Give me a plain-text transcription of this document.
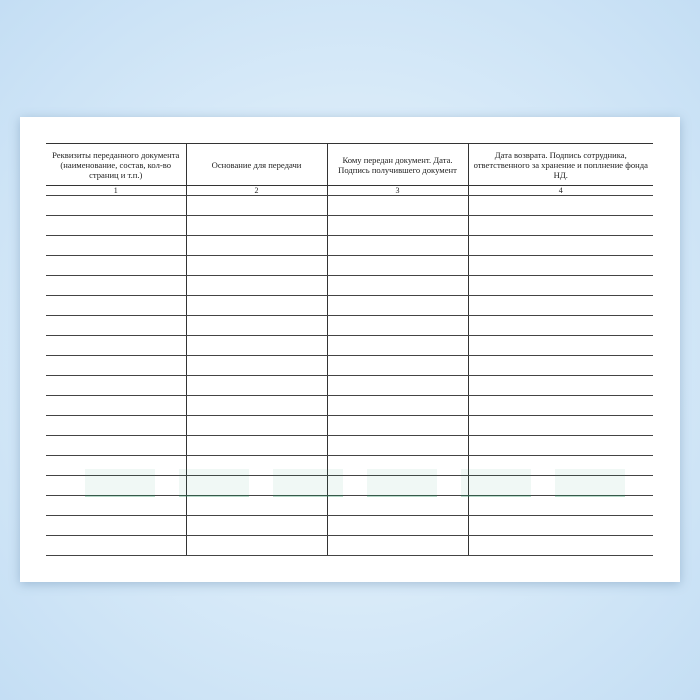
Реквизиты переданного документа (наименование, состав, кол-во страниц и т.п.)	Основание для передачи	Кому передан документ. Дата. Подпись получившего документ	Дата возврата. Подпись сотрудника, ответственного за хранение и поплнение фонда НД.
1	2	3	4
